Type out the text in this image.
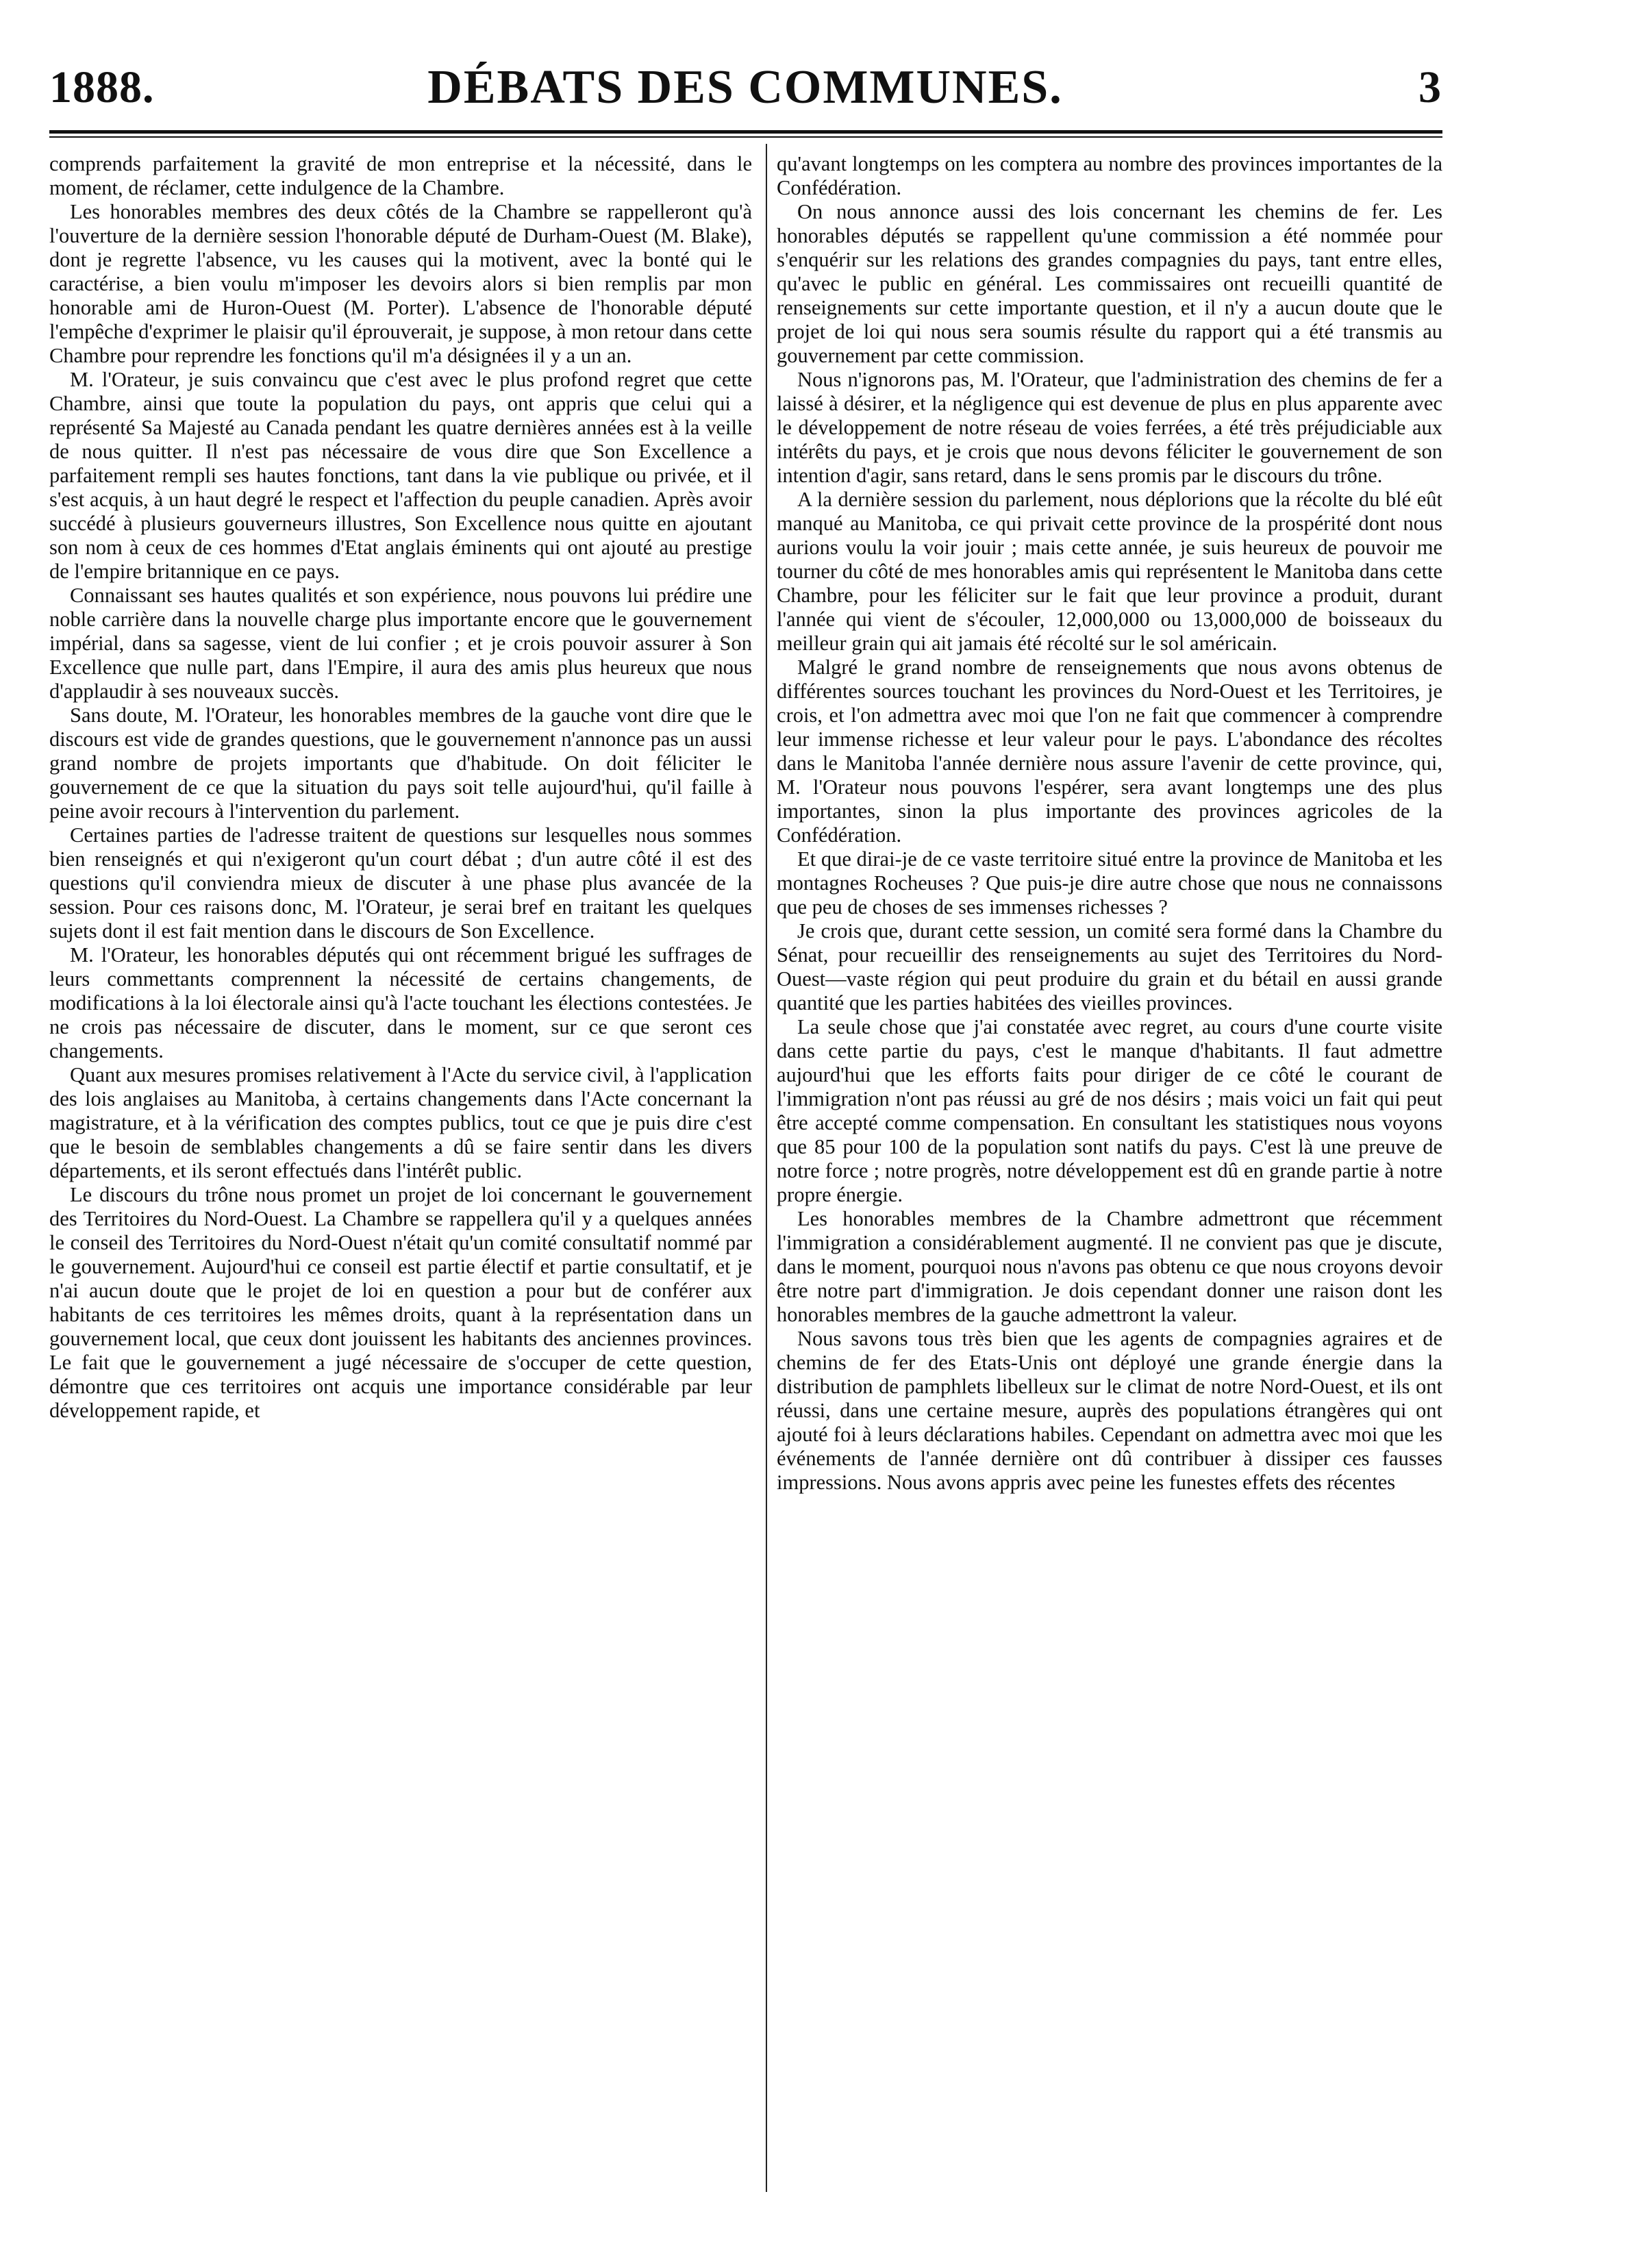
1888.	DÉBATS DES COMMUNES.	3

comprends parfaitement la gravité de mon entreprise et la nécessité, dans le moment, de réclamer, cette indulgence de la Chambre.

Les honorables membres des deux côtés de la Chambre se rappelleront qu'à l'ouverture de la dernière session l'honorable député de Durham-Ouest (M. Blake), dont je regrette l'absence, vu les causes qui la motivent, avec la bonté qui le caractérise, a bien voulu m'imposer les devoirs alors si bien remplis par mon honorable ami de Huron-Ouest (M. Porter). L'absence de l'honorable député l'empêche d'exprimer le plaisir qu'il éprouverait, je suppose, à mon retour dans cette Chambre pour reprendre les fonctions qu'il m'a désignées il y a un an.

M. l'Orateur, je suis convaincu que c'est avec le plus profond regret que cette Chambre, ainsi que toute la population du pays, ont appris que celui qui a représenté Sa Majesté au Canada pendant les quatre dernières années est à la veille de nous quitter. Il n'est pas nécessaire de vous dire que Son Excellence a parfaitement rempli ses hautes fonctions, tant dans la vie publique ou privée, et il s'est acquis, à un haut degré le respect et l'affection du peuple canadien. Après avoir succédé à plusieurs gouverneurs illustres, Son Excellence nous quitte en ajoutant son nom à ceux de ces hommes d'Etat anglais éminents qui ont ajouté au prestige de l'empire britannique en ce pays.

Connaissant ses hautes qualités et son expérience, nous pouvons lui prédire une noble carrière dans la nouvelle charge plus importante encore que le gouvernement impérial, dans sa sagesse, vient de lui confier ; et je crois pouvoir assurer à Son Excellence que nulle part, dans l'Empire, il aura des amis plus heureux que nous d'applaudir à ses nouveaux succès.

Sans doute, M. l'Orateur, les honorables membres de la gauche vont dire que le discours est vide de grandes questions, que le gouvernement n'annonce pas un aussi grand nombre de projets importants que d'habitude. On doit féliciter le gouvernement de ce que la situation du pays soit telle aujourd'hui, qu'il faille à peine avoir recours à l'intervention du parlement.

Certaines parties de l'adresse traitent de questions sur lesquelles nous sommes bien renseignés et qui n'exigeront qu'un court débat ; d'un autre côté il est des questions qu'il conviendra mieux de discuter à une phase plus avancée de la session. Pour ces raisons donc, M. l'Orateur, je serai bref en traitant les quelques sujets dont il est fait mention dans le discours de Son Excellence.

M. l'Orateur, les honorables députés qui ont récemment brigué les suffrages de leurs commettants comprennent la nécessité de certains changements, de modifications à la loi électorale ainsi qu'à l'acte touchant les élections contestées. Je ne crois pas nécessaire de discuter, dans le moment, sur ce que seront ces changements.

Quant aux mesures promises relativement à l'Acte du service civil, à l'application des lois anglaises au Manitoba, à certains changements dans l'Acte concernant la magistrature, et à la vérification des comptes publics, tout ce que je puis dire c'est que le besoin de semblables changements a dû se faire sentir dans les divers départements, et ils seront effectués dans l'intérêt public.

Le discours du trône nous promet un projet de loi concernant le gouvernement des Territoires du Nord-Ouest. La Chambre se rappellera qu'il y a quelques années le conseil des Territoires du Nord-Ouest n'était qu'un comité consultatif nommé par le gouvernement. Aujourd'hui ce conseil est partie électif et partie consultatif, et je n'ai aucun doute que le projet de loi en question a pour but de conférer aux habitants de ces territoires les mêmes droits, quant à la représentation dans un gouvernement local, que ceux dont jouissent les habitants des anciennes provinces. Le fait que le gouvernement a jugé nécessaire de s'occuper de cette question, démontre que ces territoires ont acquis une importance considérable par leur développement rapide, et

qu'avant longtemps on les comptera au nombre des provinces importantes de la Confédération.

On nous annonce aussi des lois concernant les chemins de fer. Les honorables députés se rappellent qu'une commission a été nommée pour s'enquérir sur les relations des grandes compagnies du pays, tant entre elles, qu'avec le public en général. Les commissaires ont recueilli quantité de renseignements sur cette importante question, et il n'y a aucun doute que le projet de loi qui nous sera soumis résulte du rapport qui a été transmis au gouvernement par cette commission.

Nous n'ignorons pas, M. l'Orateur, que l'administration des chemins de fer a laissé à désirer, et la négligence qui est devenue de plus en plus apparente avec le développement de notre réseau de voies ferrées, a été très préjudiciable aux intérêts du pays, et je crois que nous devons féliciter le gouvernement de son intention d'agir, sans retard, dans le sens promis par le discours du trône.

A la dernière session du parlement, nous déplorions que la récolte du blé eût manqué au Manitoba, ce qui privait cette province de la prospérité dont nous aurions voulu la voir jouir ; mais cette année, je suis heureux de pouvoir me tourner du côté de mes honorables amis qui représentent le Manitoba dans cette Chambre, pour les féliciter sur le fait que leur province a produit, durant l'année qui vient de s'écouler, 12,000,000 ou 13,000,000 de boisseaux du meilleur grain qui ait jamais été récolté sur le sol américain.

Malgré le grand nombre de renseignements que nous avons obtenus de différentes sources touchant les provinces du Nord-Ouest et les Territoires, je crois, et l'on admettra avec moi que l'on ne fait que commencer à comprendre leur immense richesse et leur valeur pour le pays. L'abondance des récoltes dans le Manitoba l'année dernière nous assure l'avenir de cette province, qui, M. l'Orateur nous pouvons l'espérer, sera avant longtemps une des plus importantes, sinon la plus importante des provinces agricoles de la Confédération.

Et que dirai-je de ce vaste territoire situé entre la province de Manitoba et les montagnes Rocheuses ? Que puis-je dire autre chose que nous ne connaissons que peu de choses de ses immenses richesses ?

Je crois que, durant cette session, un comité sera formé dans la Chambre du Sénat, pour recueillir des renseignements au sujet des Territoires du Nord-Ouest—vaste région qui peut produire du grain et du bétail en aussi grande quantité que les parties habitées des vieilles provinces.

La seule chose que j'ai constatée avec regret, au cours d'une courte visite dans cette partie du pays, c'est le manque d'habitants. Il faut admettre aujourd'hui que les efforts faits pour diriger de ce côté le courant de l'immigration n'ont pas réussi au gré de nos désirs ; mais voici un fait qui peut être accepté comme compensation. En consultant les statistiques nous voyons que 85 pour 100 de la population sont natifs du pays. C'est là une preuve de notre force ; notre progrès, notre développement est dû en grande partie à notre propre énergie.

Les honorables membres de la Chambre admettront que récemment l'immigration a considérablement augmenté. Il ne convient pas que je discute, dans le moment, pourquoi nous n'avons pas obtenu ce que nous croyons devoir être notre part d'immigration. Je dois cependant donner une raison dont les honorables membres de la gauche admettront la valeur.

Nous savons tous très bien que les agents de compagnies agraires et de chemins de fer des Etats-Unis ont déployé une grande énergie dans la distribution de pamphlets libelleux sur le climat de notre Nord-Ouest, et ils ont réussi, dans une certaine mesure, auprès des populations étrangères qui ont ajouté foi à leurs déclarations habiles. Cependant on admettra avec moi que les événements de l'année dernière ont dû contribuer à dissiper ces fausses impressions. Nous avons appris avec peine les funestes effets des récentes
